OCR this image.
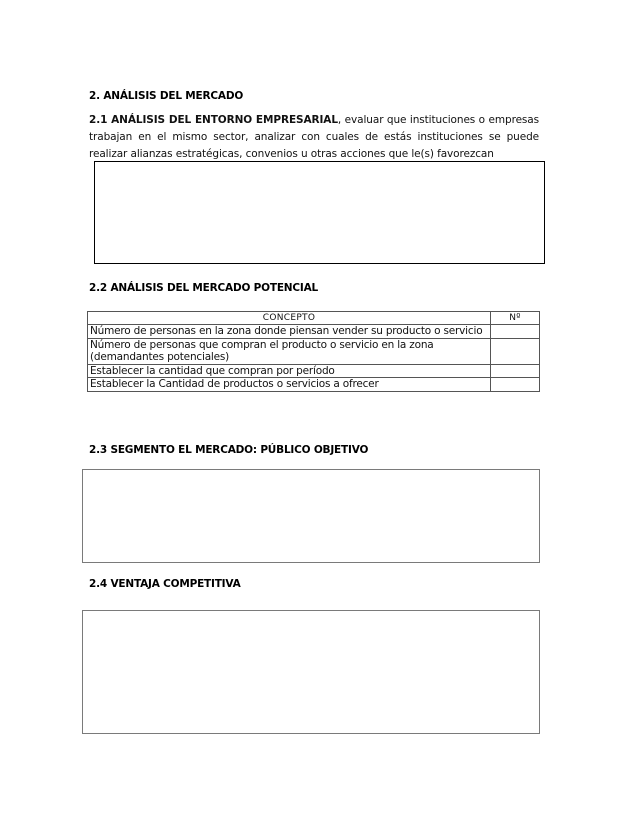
2. ANÁLISIS DEL MERCADO
2.1 ANÁLISIS DEL ENTORNO EMPRESARIAL, evaluar que instituciones o empresas
trabajan en el mismo sector, analizar con cuales de estás instituciones se puede
realizar alianzas estratégicas, convenios u otras acciones que le(s) favorezcan
2.2 ANÁLISIS DEL MERCADO POTENCIAL
CONCEPTO	Nº
Número de personas en la zona donde piensan vender su producto o servicio	
Número de personas que compran el producto o servicio en la zona (demandantes potenciales)	
Establecer la cantidad que compran por período	
Establecer la Cantidad de productos o servicios a ofrecer	
2.3 SEGMENTO EL MERCADO: PÚBLICO OBJETIVO
2.4 VENTAJA COMPETITIVA
